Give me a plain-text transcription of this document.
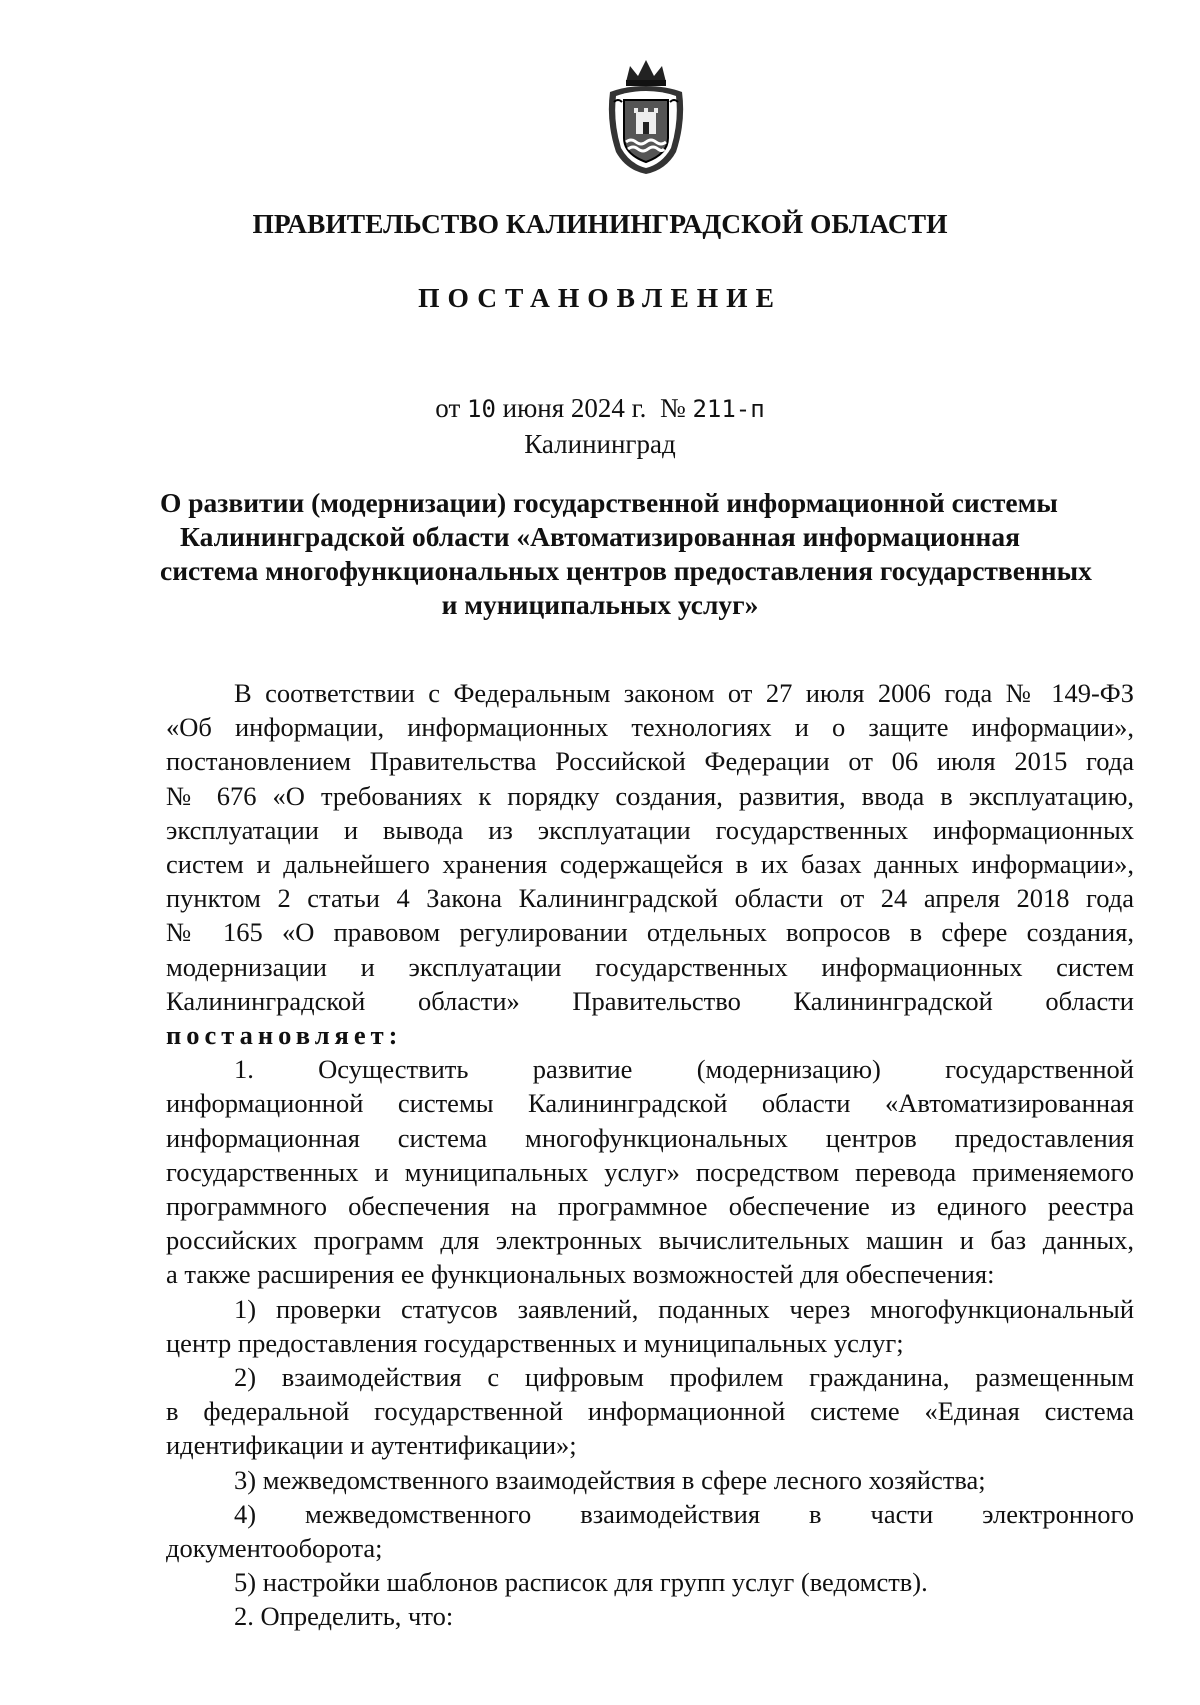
ПРАВИТЕЛЬСТВО КАЛИНИНГРАДСКОЙ ОБЛАСТИ
ПОСТАНОВЛЕНИЕ
от 10 июня 2024 г. № 211-п
Калининград
О развитии (модернизации) государственной информационной системы
Калининградской области «Автоматизированная информационная
система многофункциональных центров предоставления государственных
и муниципальных услуг»
В соответствии с Федеральным законом от 27 июля 2006 года № 149-ФЗ
«Об информации, информационных технологиях и о защите информации»,
постановлением Правительства Российской Федерации от 06 июля 2015 года
№ 676 «О требованиях к порядку создания, развития, ввода в эксплуатацию,
эксплуатации и вывода из эксплуатации государственных информационных
систем и дальнейшего хранения содержащейся в их базах данных информации»,
пунктом 2 статьи 4 Закона Калининградской области от 24 апреля 2018 года
№ 165 «О правовом регулировании отдельных вопросов в сфере создания,
модернизации и эксплуатации государственных информационных систем
Калининградской области» Правительство Калининградской области
постановляет:
1. Осуществить развитие (модернизацию) государственной
информационной системы Калининградской области «Автоматизированная
информационная система многофункциональных центров предоставления
государственных и муниципальных услуг» посредством перевода применяемого
программного обеспечения на программное обеспечение из единого реестра
российских программ для электронных вычислительных машин и баз данных,
а также расширения ее функциональных возможностей для обеспечения:
1) проверки статусов заявлений, поданных через многофункциональный
центр предоставления государственных и муниципальных услуг;
2) взаимодействия с цифровым профилем гражданина, размещенным
в федеральной государственной информационной системе «Единая система
идентификации и аутентификации»;
3) межведомственного взаимодействия в сфере лесного хозяйства;
4) межведомственного взаимодействия в части электронного
документооборота;
5) настройки шаблонов расписок для групп услуг (ведомств).
2. Определить, что:
